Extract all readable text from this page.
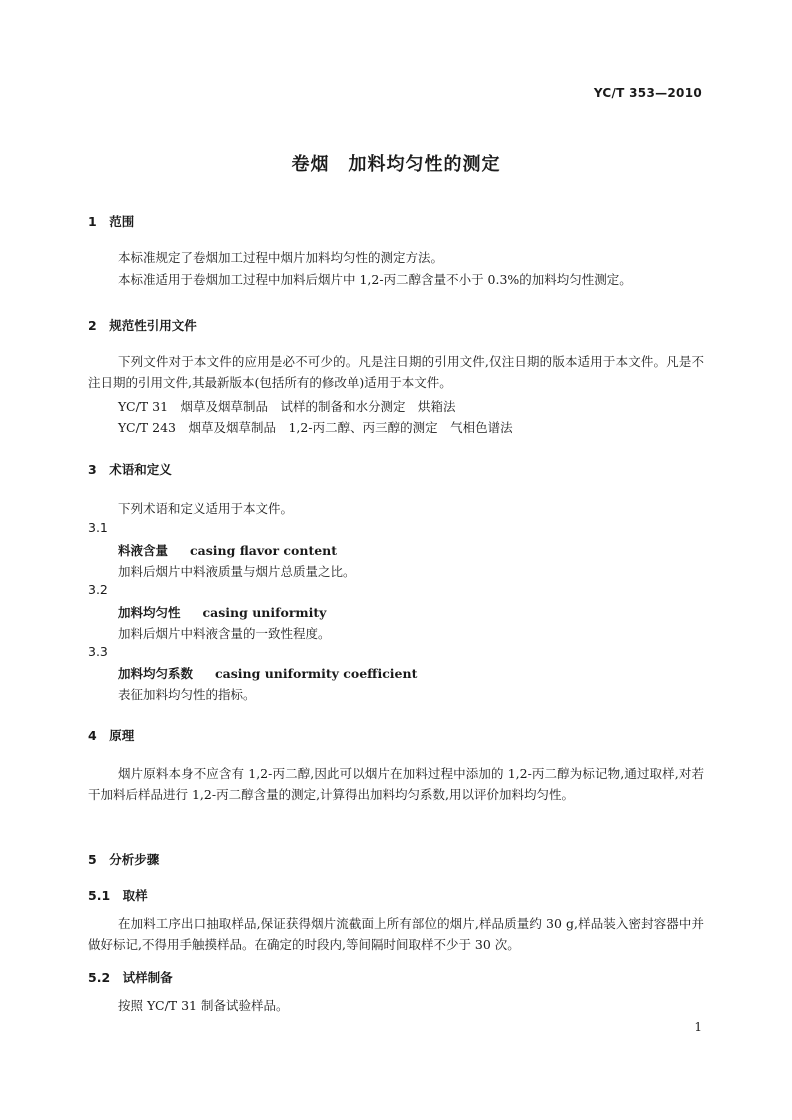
YC/T 353—2010
卷烟　加料均匀性的测定
1　范围
本标准规定了卷烟加工过程中烟片加料均匀性的测定方法。
本标准适用于卷烟加工过程中加料后烟片中 1,2-丙二醇含量不小于 0.3%的加料均匀性测定。
2　规范性引用文件
下列文件对于本文件的应用是必不可少的。凡是注日期的引用文件,仅注日期的版本适用于本文件。凡是不注日期的引用文件,其最新版本(包括所有的修改单)适用于本文件。
YC/T 31　烟草及烟草制品　试样的制备和水分测定　烘箱法
YC/T 243　烟草及烟草制品　1,2-丙二醇、丙三醇的测定　气相色谱法
3　术语和定义
下列术语和定义适用于本文件。
3.1
料液含量 casing flavor content
加料后烟片中料液质量与烟片总质量之比。
3.2
加料均匀性 casing uniformity
加料后烟片中料液含量的一致性程度。
3.3
加料均匀系数 casing uniformity coefficient
表征加料均匀性的指标。
4　原理
烟片原料本身不应含有 1,2-丙二醇,因此可以烟片在加料过程中添加的 1,2-丙二醇为标记物,通过取样,对若干加料后样品进行 1,2-丙二醇含量的测定,计算得出加料均匀系数,用以评价加料均匀性。
5　分析步骤
5.1　取样
在加料工序出口抽取样品,保证获得烟片流截面上所有部位的烟片,样品质量约 30 g,样品装入密封容器中并做好标记,不得用手触摸样品。在确定的时段内,等间隔时间取样不少于 30 次。
5.2　试样制备
按照 YC/T 31 制备试验样品。
1
